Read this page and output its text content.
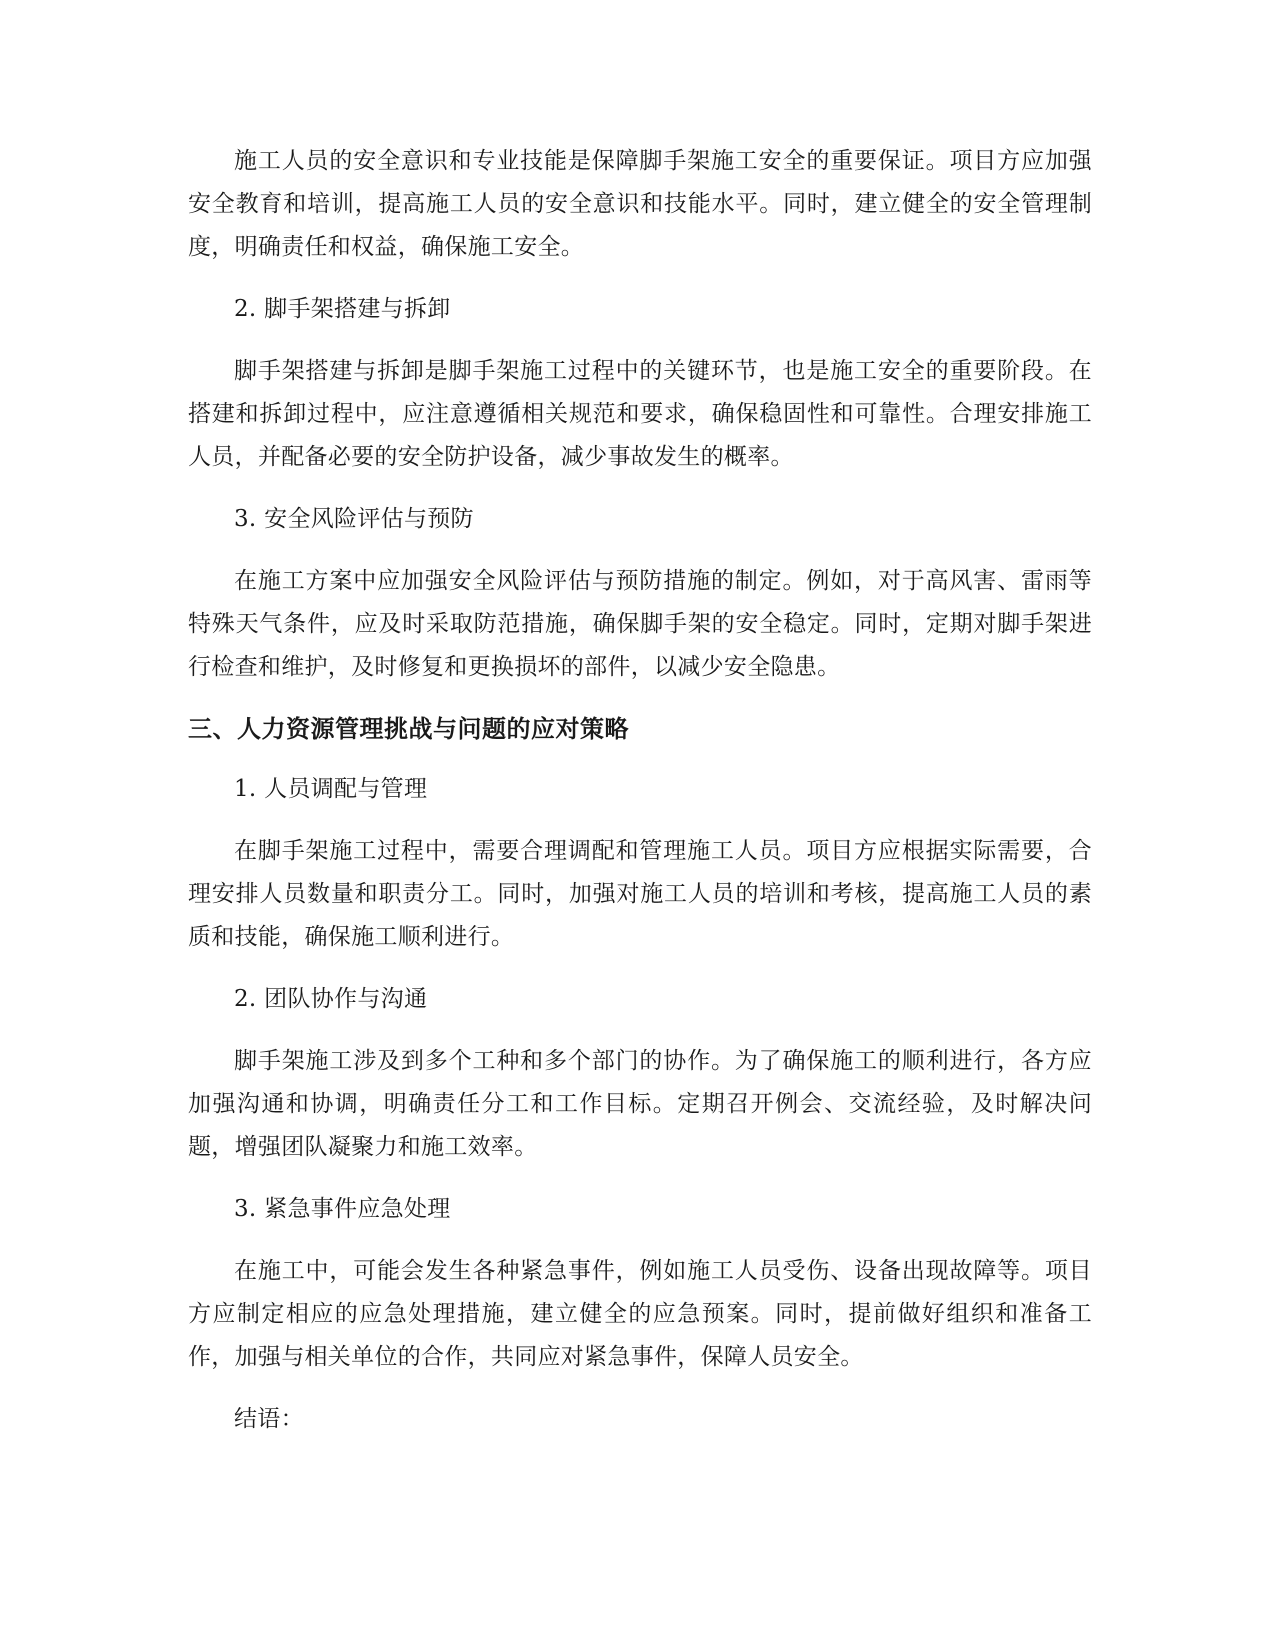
施工人员的安全意识和专业技能是保障脚手架施工安全的重要保证。项目方应加强安全教育和培训，提高施工人员的安全意识和技能水平。同时，建立健全的安全管理制度，明确责任和权益，确保施工安全。

2. 脚手架搭建与拆卸

脚手架搭建与拆卸是脚手架施工过程中的关键环节，也是施工安全的重要阶段。在搭建和拆卸过程中，应注意遵循相关规范和要求，确保稳固性和可靠性。合理安排施工人员，并配备必要的安全防护设备，减少事故发生的概率。

3. 安全风险评估与预防

在施工方案中应加强安全风险评估与预防措施的制定。例如，对于高风害、雷雨等特殊天气条件，应及时采取防范措施，确保脚手架的安全稳定。同时，定期对脚手架进行检查和维护，及时修复和更换损坏的部件，以减少安全隐患。

三、人力资源管理挑战与问题的应对策略

1. 人员调配与管理

在脚手架施工过程中，需要合理调配和管理施工人员。项目方应根据实际需要，合理安排人员数量和职责分工。同时，加强对施工人员的培训和考核，提高施工人员的素质和技能，确保施工顺利进行。

2. 团队协作与沟通

脚手架施工涉及到多个工种和多个部门的协作。为了确保施工的顺利进行，各方应加强沟通和协调，明确责任分工和工作目标。定期召开例会、交流经验，及时解决问题，增强团队凝聚力和施工效率。

3. 紧急事件应急处理

在施工中，可能会发生各种紧急事件，例如施工人员受伤、设备出现故障等。项目方应制定相应的应急处理措施，建立健全的应急预案。同时，提前做好组织和准备工作，加强与相关单位的合作，共同应对紧急事件，保障人员安全。

结语：
